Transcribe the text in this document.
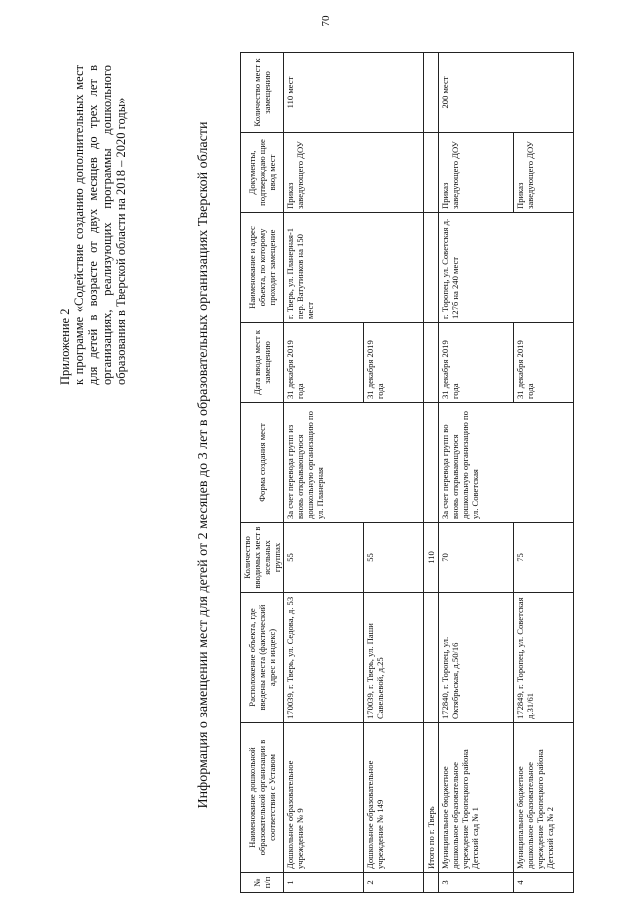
70
Приложение 2 к программе «Содействие созданию дополнительных мест для детей в возрасте от двух месяцев до трех лет в организациях, реализующих программы дошкольного образования в Тверской области на 2018 – 2020 годы»	Информация о замещении мест для детей от 2 месяцев до 3 лет в образовательных организациях Тверской области
№ п/п	Наименование дошкольной образовательной организации в соответствии с Уставом	Расположение объекта, где введены места (фактический адрес и индекс)	Количество вводимых мест в ясельных группах	Форма создания мест	Дата ввода мест к замещению	Наименование и адрес объекта, по которому проходит замещение	Документы, подтверждаю щие ввод мест	Количество мест к замещению
1	Дошкольное образовательное учреждение № 9	170039, г. Тверь, ул. Седова, д. 53	55	За счет перевода групп из вновь открывающуюся дошкольную организацию по ул. Планерная	31 декабря 2019 года	г. Тверь, ул. Планерная-1 пер. Ватутинков на 150 мест	Приказ заведующего ДОУ	110 мест
2	Дошкольное образовательное учреждение № 149	170039, г. Тверь, ул. Паши Савельевой, д.25	55		31 декабря 2019 года			
	Итого по г. Тверь		110					
3	Муниципальное бюджетное дошкольное образовательное учреждение Торопецкого района Детский сад № 1	172840, г. Торопец, ул. Октябрьская, д.50/16	70	За счет перевода групп во вновь открывающуюся дошкольную организацию по ул. Советская	31 декабря 2019 года	г. Торопец, ул. Советская д. 127б на 240 мест	Приказ заведующего ДОУ	200 мест
4	Муниципальное бюджетное дошкольное образовательное учреждение Торопецкого района Детский сад № 2	172849, г. Торопец, ул. Советская д.31/61	75		31 декабря 2019 года		Приказ заведующего ДОУ	
